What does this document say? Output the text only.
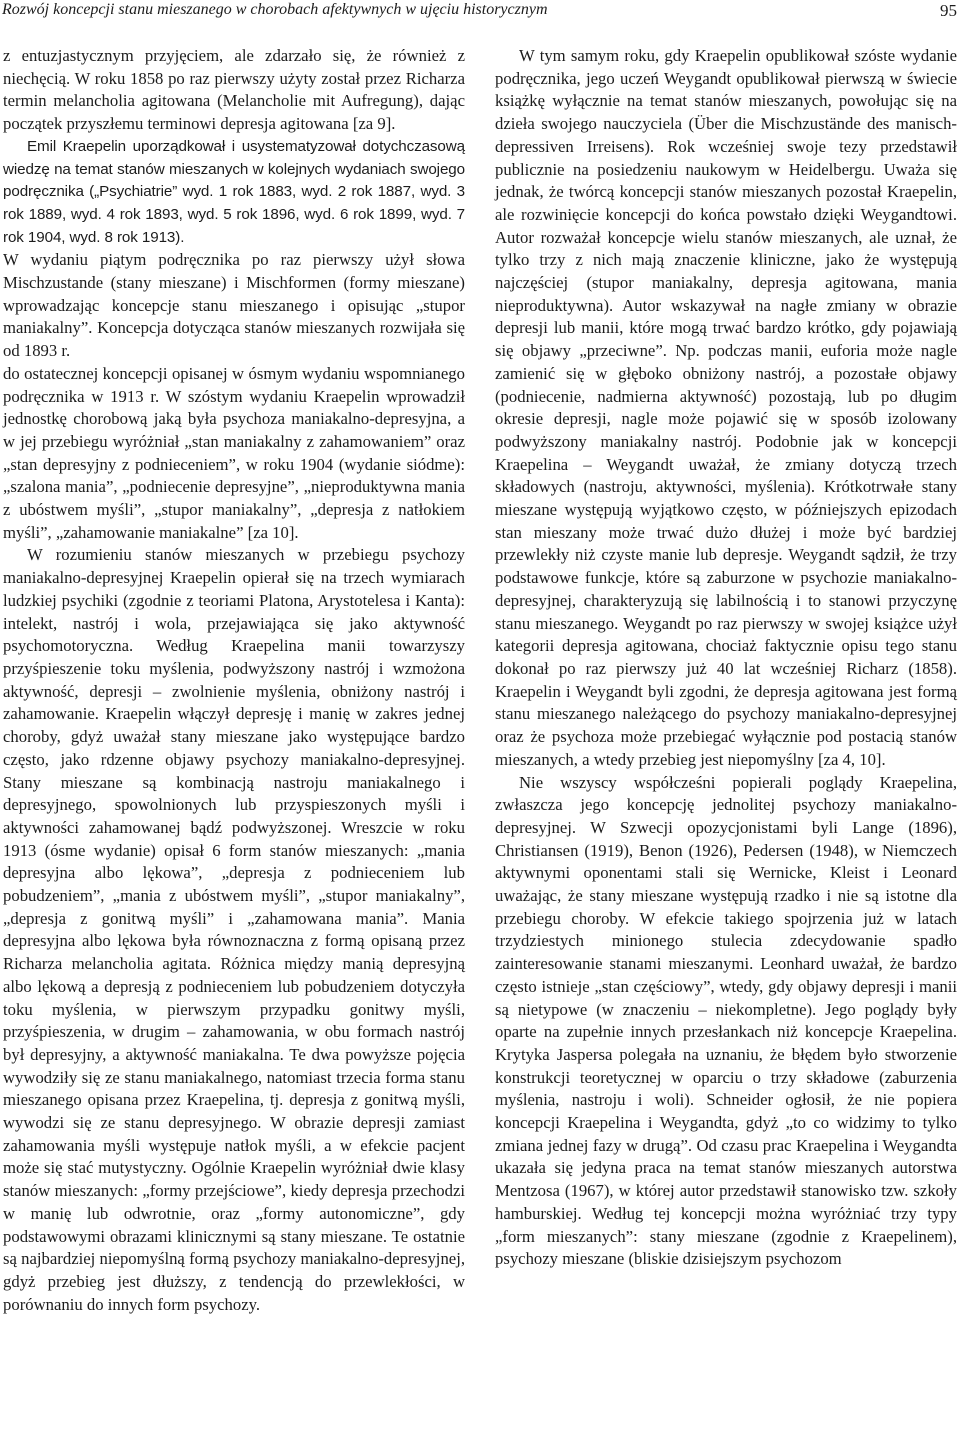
Rozwój koncepcji stanu mieszanego w chorobach afektywnych w ujęciu historycznym	95

z entuzjastycznym przyjęciem, ale zdarzało się, że również z niechęcią. W roku 1858 po raz pierwszy użyty został przez Richarza termin melancholia agitowana (Melancholie mit Aufregung), dając początek przyszłemu terminowi depresja agitowana [za 9].

Emil Kraepelin uporządkował i usystematyzował dotychczasową wiedzę na temat stanów mieszanych w kolejnych wydaniach swojego podręcznika („Psychiatrie” wyd. 1 rok 1883, wyd. 2 rok 1887, wyd. 3 rok 1889, wyd. 4 rok 1893, wyd. 5 rok 1896, wyd. 6 rok 1899, wyd. 7 rok 1904, wyd. 8 rok 1913).

W wydaniu piątym podręcznika po raz pierwszy użył słowa Mischzustande (stany mieszane) i Mischformen (formy mieszane) wprowadzając koncepcje stanu mieszanego i opisując „stupor maniakalny”. Koncepcja dotycząca stanów mieszanych rozwijała się od 1893 r.

do ostatecznej koncepcji opisanej w ósmym wydaniu wspomnianego podręcznika w 1913 r. W szóstym wydaniu Kraepelin wprowadził jednostkę chorobową jaką była psychoza maniakalno-depresyjna, a w jej przebiegu wyróżniał „stan maniakalny z zahamowaniem” oraz „stan depresyjny z podnieceniem”, w roku 1904 (wydanie siódme): „szalona mania”, „podniecenie depresyjne”, „nieproduktywna mania z ubóstwem myśli”, „stupor maniakalny”, „depresja z natłokiem myśli”, „zahamowanie maniakalne” [za 10].

W rozumieniu stanów mieszanych w przebiegu psychozy maniakalno-depresyjnej Kraepelin opierał się na trzech wymiarach ludzkiej psychiki (zgodnie z teoriami Platona, Arystotelesa i Kanta): intelekt, nastrój i wola, przejawiająca się jako aktywność psychomotoryczna. Według Kraepelina manii towarzyszy przyśpieszenie toku myślenia, podwyższony nastrój i wzmożona aktywność, depresji – zwolnienie myślenia, obniżony nastrój i zahamowanie. Kraepelin włączył depresję i manię w zakres jednej choroby, gdyż uważał stany mieszane jako występujące bardzo często, jako rdzenne objawy psychozy maniakalno-depresyjnej. Stany mieszane są kombinacją nastroju maniakalnego i depresyjnego, spowolnionych lub przyspieszonych myśli i aktywności zahamowanej bądź podwyższonej. Wreszcie w roku 1913 (ósme wydanie) opisał 6 form stanów mieszanych: „mania depresyjna albo lękowa”, „depresja z podnieceniem lub pobudzeniem”, „mania z ubóstwem myśli”, „stupor maniakalny”, „depresja z gonitwą myśli” i „zahamowana mania”. Mania depresyjna albo lękowa była równoznaczna z formą opisaną przez Richarza melancholia agitata. Różnica między manią depresyjną albo lękową a depresją z podnieceniem lub pobudzeniem dotyczyła toku myślenia, w pierwszym przypadku gonitwy myśli, przyśpieszenia, w drugim – zahamowania, w obu formach nastrój był depresyjny, a aktywność maniakalna. Te dwa powyższe pojęcia wywodziły się ze stanu maniakalnego, natomiast trzecia forma stanu mieszanego opisana przez Kraepelina, tj. depresja z gonitwą myśli, wywodzi się ze stanu depresyjnego. W obrazie depresji zamiast zahamowania myśli występuje natłok myśli, a w efekcie pacjent może się stać mutystyczny. Ogólnie Kraepelin wyróżniał dwie klasy stanów mieszanych: „formy przejściowe”, kiedy depresja przechodzi w manię lub odwrotnie, oraz „formy autonomiczne”, gdy podstawowymi obrazami klinicznymi są stany mieszane. Te ostatnie są najbardziej niepomyślną formą psychozy maniakalno-depresyjnej, gdyż przebieg jest dłuższy, z tendencją do przewlekłości, w porównaniu do innych form psychozy.

W tym samym roku, gdy Kraepelin opublikował szóste wydanie podręcznika, jego uczeń Weygandt opublikował pierwszą w świecie książkę wyłącznie na temat stanów mieszanych, powołując się na dzieła swojego nauczyciela (Über die Mischzustände des manisch-depressiven Irreisens). Rok wcześniej swoje tezy przedstawił publicznie na posiedzeniu naukowym w Heidelbergu. Uważa się jednak, że twórcą koncepcji stanów mieszanych pozostał Kraepelin, ale rozwinięcie koncepcji do końca powstało dzięki Weygandtowi. Autor rozważał koncepcje wielu stanów mieszanych, ale uznał, że tylko trzy z nich mają znaczenie kliniczne, jako że występują najczęściej (stupor maniakalny, depresja agitowana, mania nieproduktywna). Autor wskazywał na nagłe zmiany w obrazie depresji lub manii, które mogą trwać bardzo krótko, gdy pojawiają się objawy „przeciwne”. Np. podczas manii, euforia może nagle zamienić się w głęboko obniżony nastrój, a pozostałe objawy (podniecenie, nadmierna aktywność) pozostają, lub po długim okresie depresji, nagle może pojawić się w sposób izolowany podwyższony maniakalny nastrój. Podobnie jak w koncepcji Kraepelina – Weygandt uważał, że zmiany dotyczą trzech składowych (nastroju, aktywności, myślenia). Krótkotrwałe stany mieszane występują wyjątkowo często, w późniejszych epizodach stan mieszany może trwać dużo dłużej i może być bardziej przewlekły niż czyste manie lub depresje. Weygandt sądził, że trzy podstawowe funkcje, które są zaburzone w psychozie maniakalno-depresyjnej, charakteryzują się labilnością i to stanowi przyczynę stanu mieszanego. Weygandt po raz pierwszy w swojej książce użył kategorii depresja agitowana, chociaż faktycznie opisu tego stanu dokonał po raz pierwszy już 40 lat wcześniej Richarz (1858). Kraepelin i Weygandt byli zgodni, że depresja agitowana jest formą stanu mieszanego należącego do psychozy maniakalno-depresyjnej oraz że psychoza może przebiegać wyłącznie pod postacią stanów mieszanych, a wtedy przebieg jest niepomyślny [za 4, 10].

Nie wszyscy współcześni popierali poglądy Kraepelina, zwłaszcza jego koncepcję jednolitej psychozy maniakalno-depresyjnej. W Szwecji opozycjonistami byli Lange (1896), Christiansen (1919), Benon (1926), Pedersen (1948), w Niemczech aktywnymi oponentami stali się Wernicke, Kleist i Leonard uważając, że stany mieszane występują rzadko i nie są istotne dla przebiegu choroby. W efekcie takiego spojrzenia już w latach trzydziestych minionego stulecia zdecydowanie spadło zainteresowanie stanami mieszanymi. Leonhard uważał, że bardzo często istnieje „stan częściowy”, wtedy, gdy objawy depresji i manii są nietypowe (w znaczeniu – niekompletne). Jego poglądy były oparte na zupełnie innych przesłankach niż koncepcje Kraepelina. Krytyka Jaspersa polegała na uznaniu, że błędem było stworzenie konstrukcji teoretycznej w oparciu o trzy składowe (zaburzenia myślenia, nastroju i woli). Schneider ogłosił, że nie popiera koncepcji Kraepelina i Weygandta, gdyż „to co widzimy to tylko zmiana jednej fazy w drugą”. Od czasu prac Kraepelina i Weygandta ukazała się jedyna praca na temat stanów mieszanych autorstwa Mentzosa (1967), w której autor przedstawił stanowisko tzw. szkoły hamburskiej. Według tej koncepcji można wyróżniać trzy typy „form mieszanych”: stany mieszane (zgodnie z Kraepelinem), psychozy mieszane (bliskie dzisiejszym psychozom
